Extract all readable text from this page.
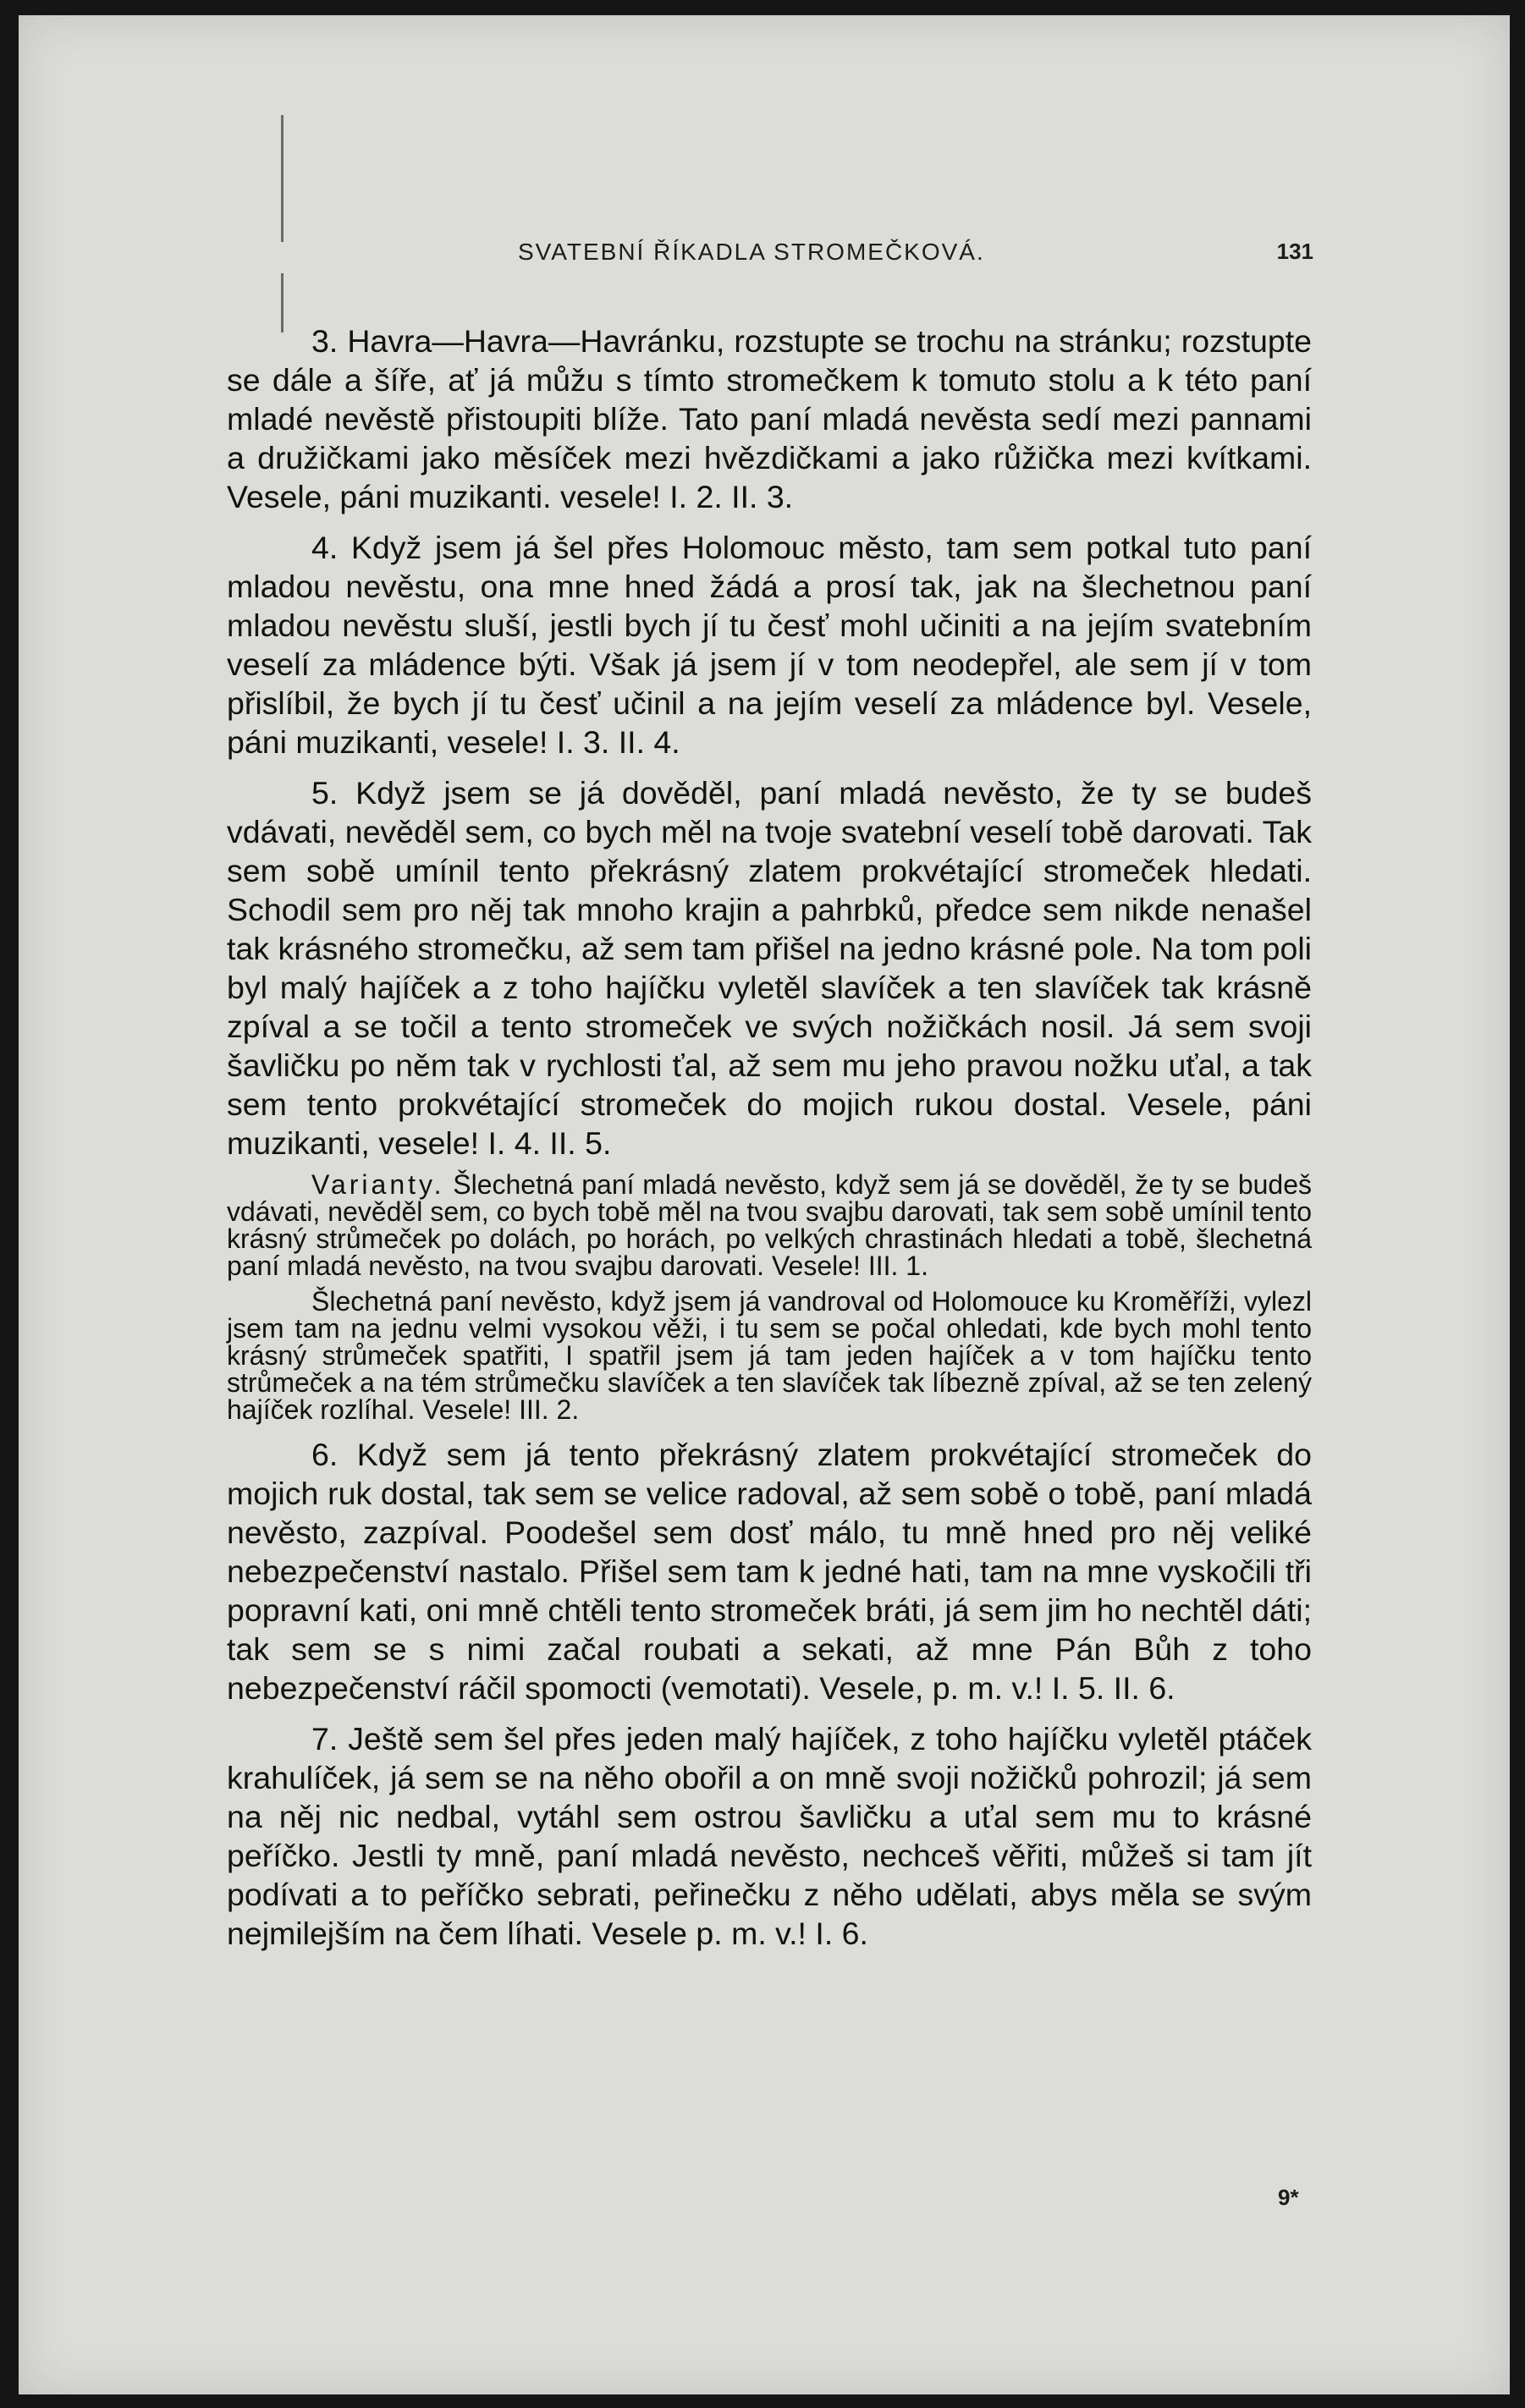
SVATEBNÍ ŘÍKADLA STROMEČKOVÁ.	131

3. Havra—Havra—Havránku, rozstupte se trochu na stránku; rozstupte se dále a šíře, ať já můžu s tímto stromečkem k tomuto stolu a k této paní mladé nevěstě přistoupiti blíže. Tato paní mladá nevěsta sedí mezi pannami a družičkami jako měsíček mezi hvězdičkami a jako růžička mezi kvítkami. Vesele, páni muzikanti. vesele! I. 2. II. 3.

4. Když jsem já šel přes Holomouc město, tam sem potkal tuto paní mladou nevěstu, ona mne hned žádá a prosí tak, jak na šlechetnou paní mladou nevěstu sluší, jestli bych jí tu česť mohl učiniti a na jejím svatebním veselí za mládence býti. Však já jsem jí v tom neodepřel, ale sem jí v tom přislíbil, že bych jí tu česť učinil a na jejím veselí za mládence byl. Vesele, páni muzikanti, vesele! I. 3. II. 4.

5. Když jsem se já dověděl, paní mladá nevěsto, že ty se budeš vdávati, nevěděl sem, co bych měl na tvoje svatební veselí tobě darovati. Tak sem sobě umínil tento překrásný zlatem prokvétající stromeček hledati. Schodil sem pro něj tak mnoho krajin a pahrbků, předce sem nikde nenašel tak krásného stromečku, až sem tam přišel na jedno krásné pole. Na tom poli byl malý hajíček a z toho hajíčku vyletěl slavíček a ten slavíček tak krásně zpíval a se točil a tento stromeček ve svých nožičkách nosil. Já sem svoji šavličku po něm tak v rychlosti ťal, až sem mu jeho pravou nožku uťal, a tak sem tento prokvétající stromeček do mojich rukou dostal. Vesele, páni muzikanti, vesele! I. 4. II. 5.

Varianty. Šlechetná paní mladá nevěsto, když sem já se dověděl, že ty se budeš vdávati, nevěděl sem, co bych tobě měl na tvou svajbu darovati, tak sem sobě umínil tento krásný strůmeček po dolách, po horách, po velkých chrastinách hledati a tobě, šlechetná paní mladá nevěsto, na tvou svajbu darovati. Vesele! III. 1.

Šlechetná paní nevěsto, když jsem já vandroval od Holomouce ku Kroměříži, vylezl jsem tam na jednu velmi vysokou věži, i tu sem se počal ohledati, kde bych mohl tento krásný strůmeček spatřiti, I spatřil jsem já tam jeden hajíček a v tom hajíčku tento strůmeček a na tém strůmečku slavíček a ten slavíček tak líbezně zpíval, až se ten zelený hajíček rozlíhal. Vesele! III. 2.

6. Když sem já tento překrásný zlatem prokvétající stromeček do mojich ruk dostal, tak sem se velice radoval, až sem sobě o tobě, paní mladá nevěsto, zazpíval. Poodešel sem dosť málo, tu mně hned pro něj veliké nebezpečenství nastalo. Přišel sem tam k jedné hati, tam na mne vyskočili tři popravní kati, oni mně chtěli tento stromeček bráti, já sem jim ho nechtěl dáti; tak sem se s nimi začal roubati a sekati, až mne Pán Bůh z toho nebezpečenství ráčil spomocti (vemotati). Vesele, p. m. v.! I. 5. II. 6.

7. Ještě sem šel přes jeden malý hajíček, z toho hajíčku vyletěl ptáček krahulíček, já sem se na něho obořil a on mně svoji nožičků pohrozil; já sem na něj nic nedbal, vytáhl sem ostrou šavličku a uťal sem mu to krásné peříčko. Jestli ty mně, paní mladá nevěsto, nechceš věřiti, můžeš si tam jít podívati a to peříčko sebrati, peřinečku z něho udělati, abys měla se svým nejmilejším na čem líhati. Vesele p. m. v.! I. 6.

9*
